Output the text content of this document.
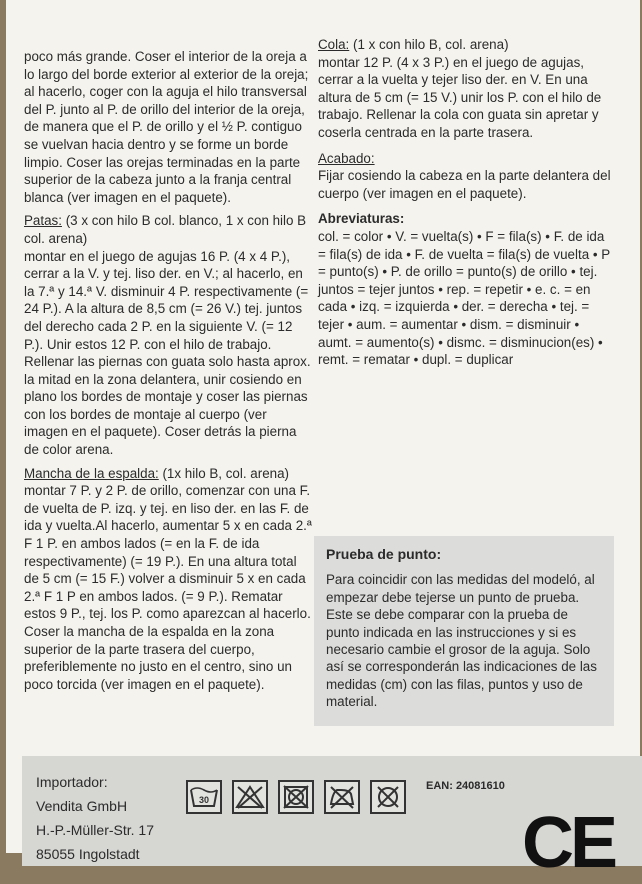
poco más grande. Coser el interior de la oreja a lo largo del borde exterior al exterior de la oreja; al hacerlo, coger con la aguja el hilo transversal del P. junto al P. de orillo del interior de la oreja, de manera que el P. de orillo y el ½ P. contiguo se vuelvan hacia dentro y se forme un borde limpio. Coser las orejas terminadas en la parte superior de la cabeza junto a la franja central blanca (ver imagen en el paquete).

Patas: (3 x con hilo B col. blanco, 1 x con hilo B col. arena)

montar en el juego de agujas 16 P. (4 x 4 P.), cerrar a la V. y tej. liso der. en V.; al hacerlo, en la 7.ª y 14.ª V. disminuir 4 P. respectivamente (= 24 P.). A la altura de 8,5 cm (= 26 V.) tej. juntos del derecho cada 2 P. en la siguiente V. (= 12 P.). Unir estos 12 P. con el hilo de trabajo. Rellenar las piernas con guata solo hasta aprox. la mitad en la zona delantera, unir cosiendo en plano los bordes de montaje y coser las piernas con los bordes de montaje al cuerpo (ver imagen en el paquete). Coser detrás la pierna de color arena.

Mancha de la espalda: (1x hilo B, col. arena)

montar 7 P. y 2 P. de orillo, comenzar con una F. de vuelta de P. izq. y tej. en liso der. en las F. de ida y vuelta.Al hacerlo, aumentar 5 x en cada 2.ª F 1 P. en ambos lados (= en la F. de ida respectivamente) (= 19 P.). En una altura total de 5 cm (= 15 F.) volver a disminuir 5 x en cada 2.ª F 1 P en ambos lados. (= 9 P.). Rematar estos 9 P., tej. los P. como aparezcan al hacerlo. Coser la mancha de la espalda en la zona superior de la parte trasera del cuerpo, preferiblemente no justo en el centro, sino un poco torcida (ver imagen en el paquete).

Cola: (1 x con hilo B, col. arena)

montar 12 P. (4 x 3 P.) en el juego de agujas, cerrar a la vuelta y tejer liso der. en V. En una altura de 5 cm (= 15 V.) unir los P. con el hilo de trabajo. Rellenar la cola con guata sin apretar y coserla centrada en la parte trasera.

Acabado:

Fijar cosiendo la cabeza en la parte delantera del cuerpo (ver imagen en el paquete).

Abreviaturas:

col. = color • V. = vuelta(s) • F = fila(s) • F. de ida = fila(s) de ida • F. de vuelta = fila(s) de vuelta • P = punto(s) • P. de orillo = punto(s) de orillo • tej. juntos = tejer juntos • rep. = repetir • e. c. = en cada • izq. = izquierda • der. = derecha • tej. = tejer • aum. = aumentar • dism. = disminuir • aumt. = aumento(s) • dismc. = disminucion(es) • remt. = rematar • dupl. = duplicar

Prueba de punto:

Para coincidir con las medidas del modeló, al empezar debe tejerse un punto de prueba. Este se debe comparar con la prueba de punto indicada en las instrucciones y si es necesario cambie el grosor de la aguja. Solo así se corresponderán las indicaciones de las medidas (cm) con las filas, puntos y uso de material.

Importador:
Vendita GmbH
H.-P.-Müller-Str. 17
85055 Ingolstadt
30
EAN: 24081610
CE
